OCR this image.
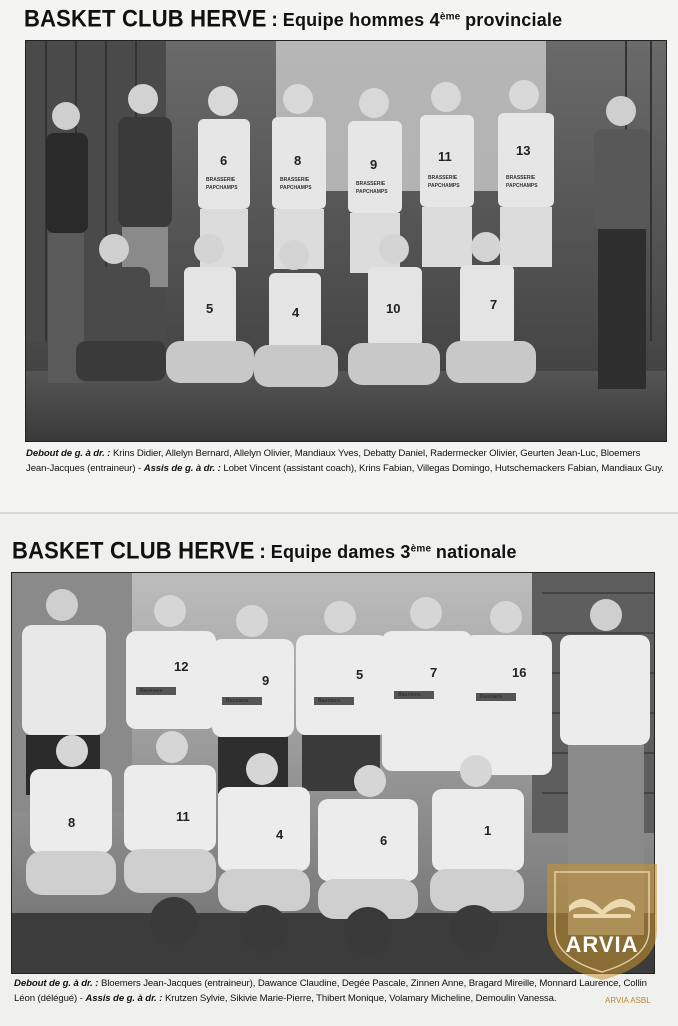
BASKET CLUB HERVE : Equipe hommes 4ème provinciale
BRASSERIE
PAPCHAMPS
6
BRASSERIE
PAPCHAMPS
8
BRASSERIE
PAPCHAMPS
9
BRASSERIE
PAPCHAMPS
11
BRASSERIE
PAPCHAMPS
13
5	4	10	7
Debout de g. à dr. : Krins Didier, Allelyn Bernard, Allelyn Olivier, Mandiaux Yves, Debatty Daniel, Radermecker Olivier, Geurten Jean-Luc, Bloemers Jean-Jacques (entraineur) - Assis de g. à dr. : Lobet Vincent (assistant coach), Krins Fabian, Villegas Domingo, Hutschemackers Fabian, Mandiaux Guy.
BASKET CLUB HERVE : Equipe dames 3ème nationale
Baumans
12
Baumans
9
Baumans
5
Baumans
7
Baumans
16
8	11
4	6
1
Debout de g. à dr. : Bloemers Jean-Jacques (entraineur), Dawance Claudine, Degée Pascale, Zinnen Anne, Bragard Mireille, Monnard Laurence, Collin Léon (délégué) - Assis de g. à dr. : Krutzen Sylvie, Sikivie Marie-Pierre, Thibert Monique, Volamary Micheline, Demoulin Vanessa.
ARVIA
ARVIA ASBL
